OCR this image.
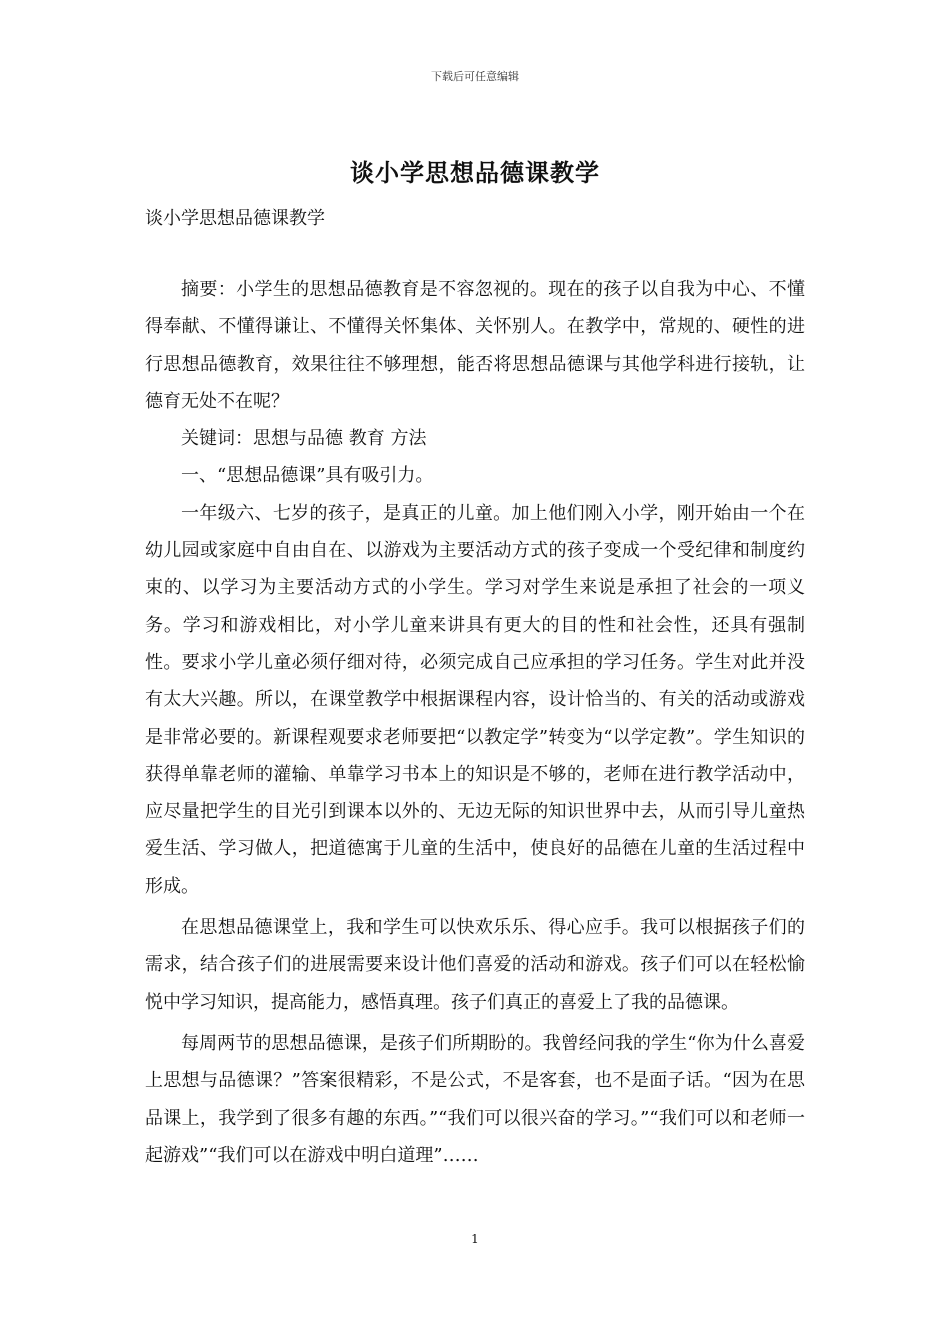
下载后可任意编辑
谈小学思想品德课教学

谈小学思想品德课教学

摘要：小学生的思想品德教育是不容忽视的。现在的孩子以自我为中心、不懂得奉献、不懂得谦让、不懂得关怀集体、关怀别人。在教学中，常规的、硬性的进行思想品德教育，效果往往不够理想，能否将思想品德课与其他学科进行接轨，让德育无处不在呢？

关键词：思想与品德 教育 方法

一、“思想品德课”具有吸引力。

一年级六、七岁的孩子，是真正的儿童。加上他们刚入小学，刚开始由一个在幼儿园或家庭中自由自在、以游戏为主要活动方式的孩子变成一个受纪律和制度约束的、以学习为主要活动方式的小学生。学习对学生来说是承担了社会的一项义务。学习和游戏相比，对小学儿童来讲具有更大的目的性和社会性，还具有强制性。要求小学儿童必须仔细对待，必须完成自己应承担的学习任务。学生对此并没有太大兴趣。所以，在课堂教学中根据课程内容，设计恰当的、有关的活动或游戏是非常必要的。新课程观要求老师要把“以教定学”转变为“以学定教”。学生知识的获得单靠老师的灌输、单靠学习书本上的知识是不够的，老师在进行教学活动中，应尽量把学生的目光引到课本以外的、无边无际的知识世界中去，从而引导儿童热爱生活、学习做人，把道德寓于儿童的生活中，使良好的品德在儿童的生活过程中形成。

在思想品德课堂上，我和学生可以快欢乐乐、得心应手。我可以根据孩子们的需求，结合孩子们的进展需要来设计他们喜爱的活动和游戏。孩子们可以在轻松愉悦中学习知识，提高能力，感悟真理。孩子们真正的喜爱上了我的品德课。

每周两节的思想品德课，是孩子们所期盼的。我曾经问我的学生“你为什么喜爱上思想与品德课？”答案很精彩，不是公式，不是客套，也不是面子话。“因为在思品课上，我学到了很多有趣的东西。”“我们可以很兴奋的学习。”“我们可以和老师一起游戏”“我们可以在游戏中明白道理”……

1
